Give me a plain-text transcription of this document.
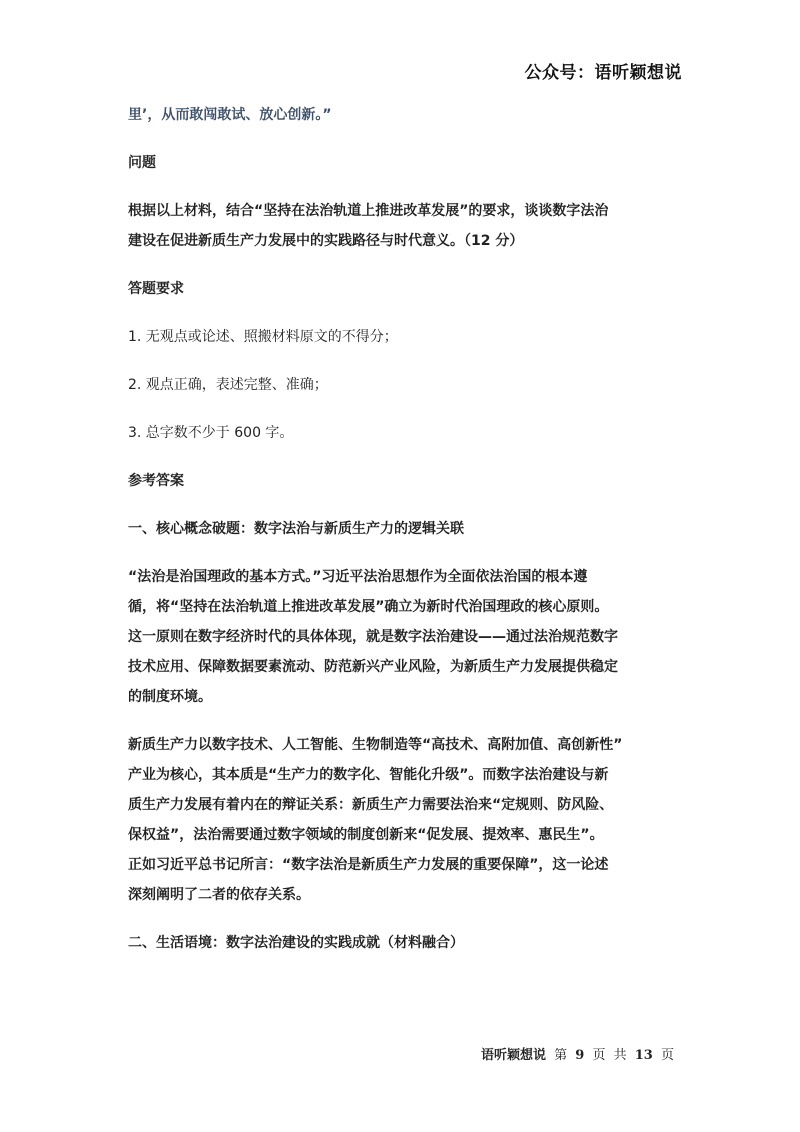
公众号：语听颖想说
里’，从而敢闯敢试、放心创新。”
问题
根据以上材料，结合“坚持在法治轨道上推进改革发展”的要求，谈谈数字法治
建设在促进新质生产力发展中的实践路径与时代意义。（12 分）
答题要求
1. 无观点或论述、照搬材料原文的不得分；
2. 观点正确，表述完整、准确；
3. 总字数不少于 600 字。
参考答案
一、核心概念破题：数字法治与新质生产力的逻辑关联
“法治是治国理政的基本方式。”习近平法治思想作为全面依法治国的根本遵
循，将“坚持在法治轨道上推进改革发展”确立为新时代治国理政的核心原则。
这一原则在数字经济时代的具体体现，就是数字法治建设——通过法治规范数字
技术应用、保障数据要素流动、防范新兴产业风险，为新质生产力发展提供稳定
的制度环境。
新质生产力以数字技术、人工智能、生物制造等“高技术、高附加值、高创新性”
产业为核心，其本质是“生产力的数字化、智能化升级”。而数字法治建设与新
质生产力发展有着内在的辩证关系：新质生产力需要法治来“定规则、防风险、
保权益”，法治需要通过数字领域的制度创新来“促发展、提效率、惠民生”。
正如习近平总书记所言：“数字法治是新质生产力发展的重要保障”，这一论述
深刻阐明了二者的依存关系。
二、生活语境：数字法治建设的实践成就（材料融合）
语听颖想说 第 9 页 共 13 页
